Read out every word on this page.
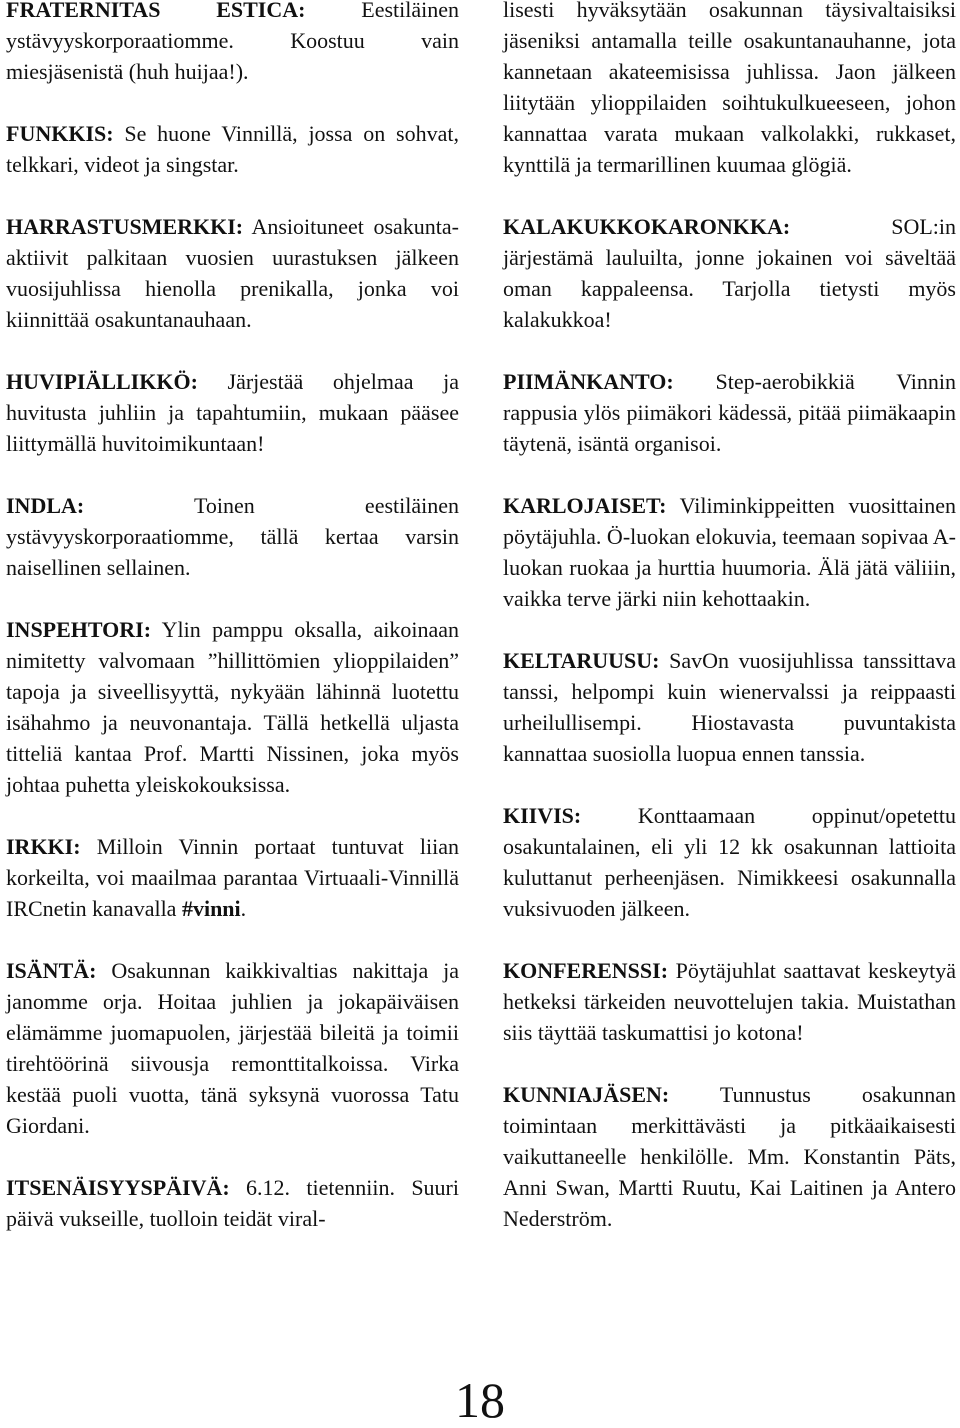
FRATERNITAS ESTICA: Eestiläinen ystävyyskorporaatiomme. Koostuu vain miesjäsenistä (huh huijaa!).

FUNKKIS: Se huone Vinnillä, jossa on sohvat, telkkari, videot ja singstar.

HARRASTUSMERKKI: Ansioituneet osakunta-aktiivit palkitaan vuosien uurastuksen jälkeen vuosijuhlissa hienolla prenikalla, jonka voi kiinnittää osakuntanauhaan.

HUVIPIÄLLIKKÖ: Järjestää ohjelmaa ja huvitusta juhliin ja tapahtumiin, mukaan pääsee liittymällä huvitoimikuntaan!

INDLA: Toinen eestiläinen ystävyyskorporaatiomme, tällä kertaa varsin naisellinen sellainen.

INSPEHTORI: Ylin pamppu oksalla, aikoinaan nimitetty valvomaan ”hillittömien ylioppilaiden” tapoja ja siveellisyyttä, nykyään lähinnä luotettu isähahmo ja neuvonantaja. Tällä hetkellä uljasta titteliä kantaa Prof. Martti Nissinen, joka myös johtaa puhetta yleiskokouksissa.

IRKKI: Milloin Vinnin portaat tuntuvat liian korkeilta, voi maailmaa parantaa Virtuaali-Vinnillä IRCnetin kanavalla #vinni.

ISÄNTÄ: Osakunnan kaikkivaltias nakittaja ja janomme orja. Hoitaa juhlien ja jokapäiväisen elämämme juomapuolen, järjestää bileitä ja toimii tirehtöörinä siivousja remonttitalkoissa. Virka kestää puoli vuotta, tänä syksynä vuorossa Tatu Giordani.

ITSENÄISYYSPÄIVÄ: 6.12. tietenniin. Suuri päivä vukseille, tuolloin teidät viral-

lisesti hyväksytään osakunnan täysivaltaisiksi jäseniksi antamalla teille osakuntanauhanne, jota kannetaan akateemisissa juhlissa. Jaon jälkeen liitytään ylioppilaiden soihtukulkueeseen, johon kannattaa varata mukaan valkolakki, rukkaset, kynttilä ja termarillinen kuumaa glögiä.

KALAKUKKOKARONKKA: SOL:in järjestämä lauluilta, jonne jokainen voi säveltää oman kappaleensa. Tarjolla tietysti myös kalakukkoa!

PIIMÄNKANTO: Step-aerobikkiä Vinnin rappusia ylös piimäkori kädessä, pitää piimäkaapin täytenä, isäntä organisoi.

KARLOJAISET: Viliminkippeitten vuosittainen pöytäjuhla. Ö-luokan elokuvia, teemaan sopivaa A-luokan ruokaa ja hurttia huumoria. Älä jätä väliiin, vaikka terve järki niin kehottaakin.

KELTARUUSU: SavOn vuosijuhlissa tanssittava tanssi, helpompi kuin wienervalssi ja reippaasti urheilullisempi. Hiostavasta puvuntakista kannattaa suosiolla luopua ennen tanssia.

KIIVIS: Konttaamaan oppinut/opetettu osakuntalainen, eli yli 12 kk osakunnan lattioita kuluttanut perheenjäsen. Nimikkeesi osakunnalla vuksivuoden jälkeen.

KONFERENSSI: Pöytäjuhlat saattavat keskeytyä hetkeksi tärkeiden neuvottelujen takia. Muistathan siis täyttää taskumattisi jo kotona!

KUNNIAJÄSEN: Tunnustus osakunnan toimintaan merkittävästi ja pitkäaikaisesti vaikuttaneelle henkilölle. Mm. Konstantin Päts, Anni Swan, Martti Ruutu, Kai Laitinen ja Antero Nederström.

18
